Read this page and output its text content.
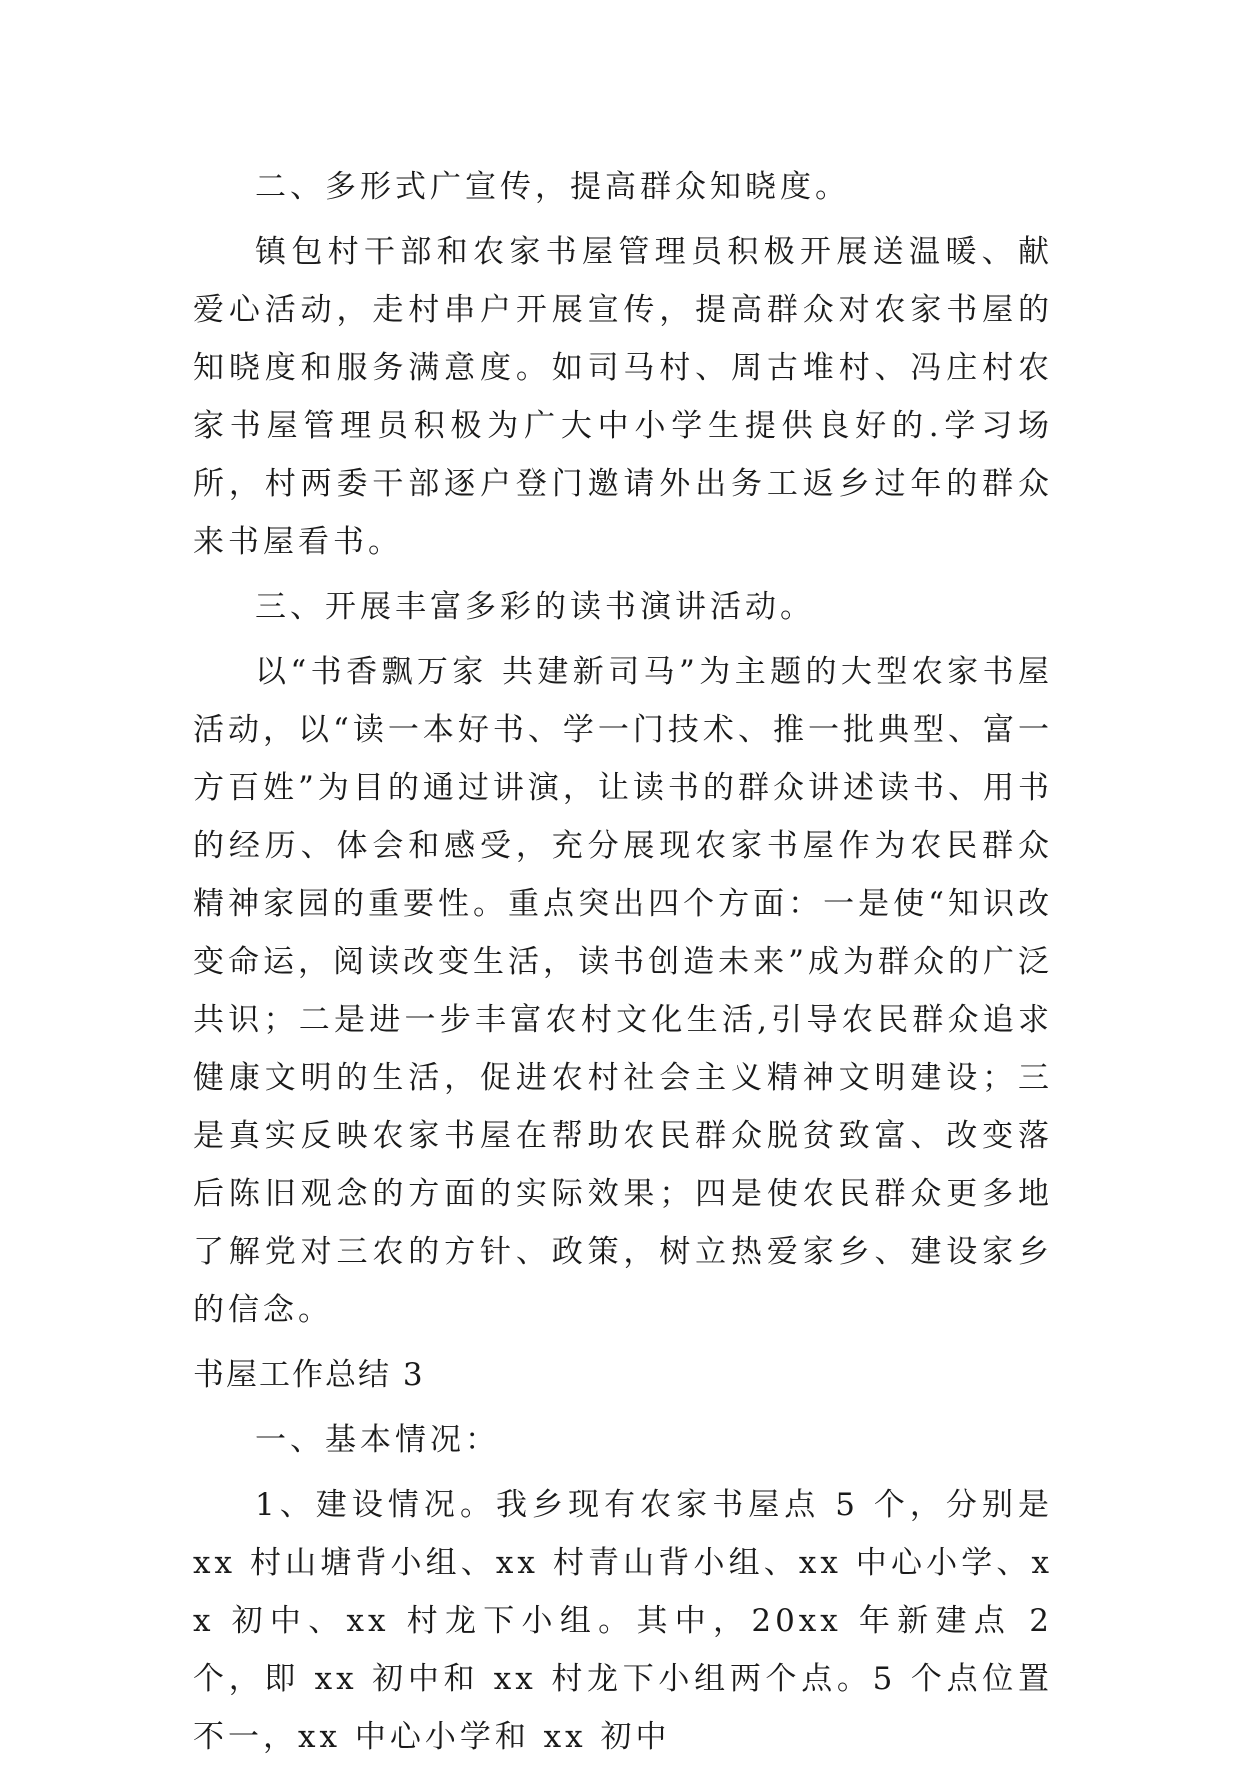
二、多形式广宣传，提高群众知晓度。

镇包村干部和农家书屋管理员积极开展送温暖、献爱心活动，走村串户开展宣传，提高群众对农家书屋的知晓度和服务满意度。如司马村、周古堆村、冯庄村农家书屋管理员积极为广大中小学生提供良好的.学习场所，村两委干部逐户登门邀请外出务工返乡过年的群众来书屋看书。

三、开展丰富多彩的读书演讲活动。

以“书香飘万家 共建新司马”为主题的大型农家书屋活动，以“读一本好书、学一门技术、推一批典型、富一方百姓”为目的通过讲演，让读书的群众讲述读书、用书的经历、体会和感受，充分展现农家书屋作为农民群众精神家园的重要性。重点突出四个方面：一是使“知识改变命运，阅读改变生活，读书创造未来”成为群众的广泛共识；二是进一步丰富农村文化生活,引导农民群众追求健康文明的生活，促进农村社会主义精神文明建设；三是真实反映农家书屋在帮助农民群众脱贫致富、改变落后陈旧观念的方面的实际效果；四是使农民群众更多地了解党对三农的方针、政策，树立热爱家乡、建设家乡的信念。

书屋工作总结 3

一、基本情况：

1、建设情况。我乡现有农家书屋点 5 个，分别是 xx 村山塘背小组、xx 村青山背小组、xx 中心小学、xx 初中、xx 村龙下小组。其中，20xx 年新建点 2 个，即 xx 初中和 xx 村龙下小组两个点。5 个点位置不一，xx 中心小学和 xx 初中
